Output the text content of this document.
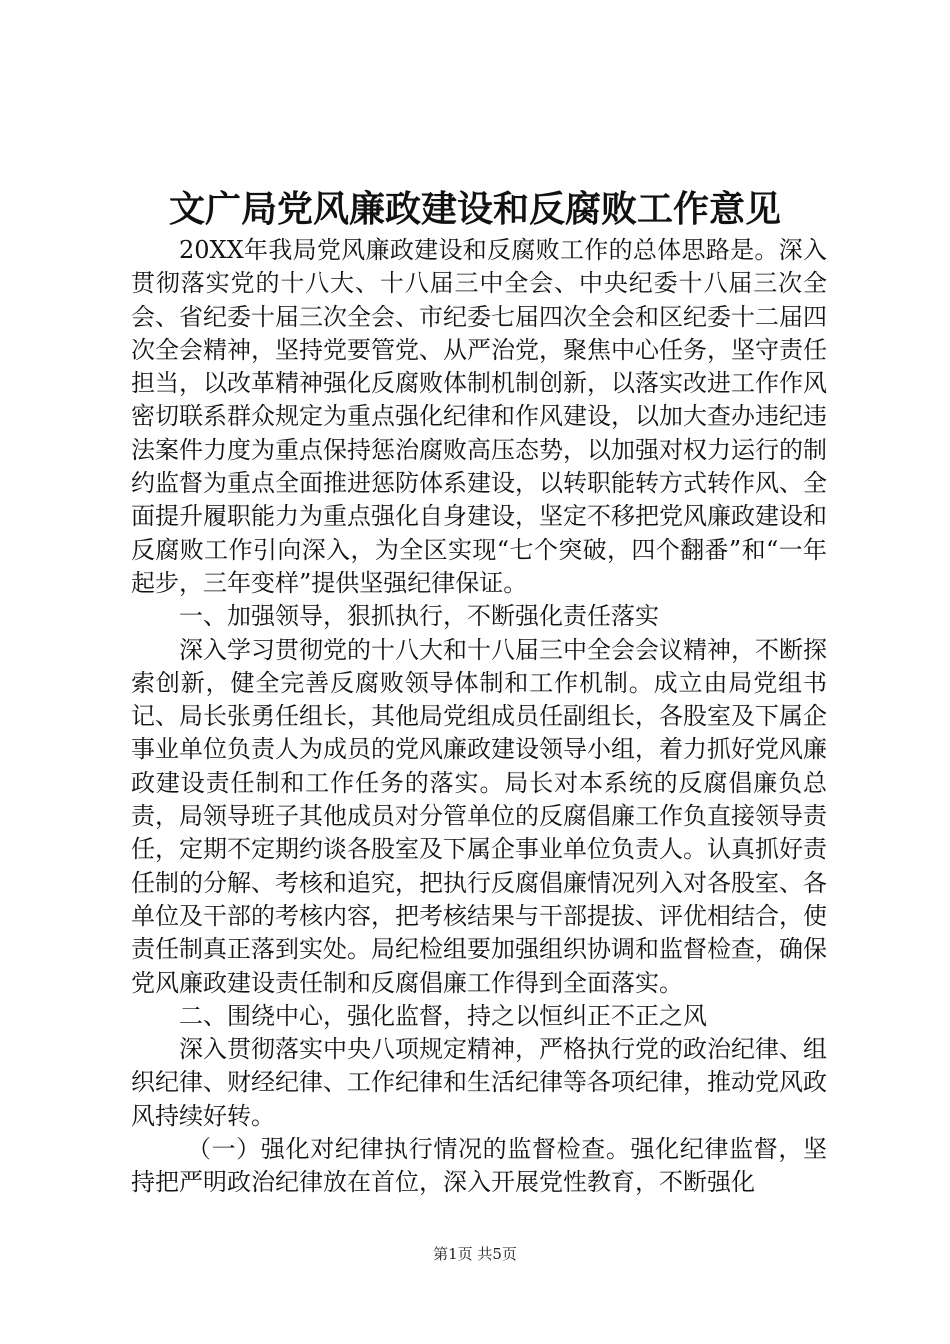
文广局党风廉政建设和反腐败工作意见

20XX年我局党风廉政建设和反腐败工作的总体思路是。深入贯彻落实党的十八大、十八届三中全会、中央纪委十八届三次全会、省纪委十届三次全会、市纪委七届四次全会和区纪委十二届四次全会精神，坚持党要管党、从严治党，聚焦中心任务，坚守责任担当，以改革精神强化反腐败体制机制创新，以落实改进工作作风密切联系群众规定为重点强化纪律和作风建设，以加大查办违纪违法案件力度为重点保持惩治腐败高压态势，以加强对权力运行的制约监督为重点全面推进惩防体系建设，以转职能转方式转作风、全面提升履职能力为重点强化自身建设，坚定不移把党风廉政建设和反腐败工作引向深入，为全区实现“七个突破，四个翻番”和“一年起步，三年变样”提供坚强纪律保证。

一、加强领导，狠抓执行，不断强化责任落实

深入学习贯彻党的十八大和十八届三中全会会议精神，不断探索创新，健全完善反腐败领导体制和工作机制。成立由局党组书记、局长张勇任组长，其他局党组成员任副组长，各股室及下属企事业单位负责人为成员的党风廉政建设领导小组，着力抓好党风廉政建设责任制和工作任务的落实。局长对本系统的反腐倡廉负总责，局领导班子其他成员对分管单位的反腐倡廉工作负直接领导责任，定期不定期约谈各股室及下属企事业单位负责人。认真抓好责任制的分解、考核和追究，把执行反腐倡廉情况列入对各股室、各单位及干部的考核内容，把考核结果与干部提拔、评优相结合，使责任制真正落到实处。局纪检组要加强组织协调和监督检查，确保党风廉政建设责任制和反腐倡廉工作得到全面落实。

二、围绕中心，强化监督，持之以恒纠正不正之风

深入贯彻落实中央八项规定精神，严格执行党的政治纪律、组织纪律、财经纪律、工作纪律和生活纪律等各项纪律，推动党风政风持续好转。

（一）强化对纪律执行情况的监督检查。强化纪律监督，坚持把严明政治纪律放在首位，深入开展党性教育，不断强化

第1页 共5页
